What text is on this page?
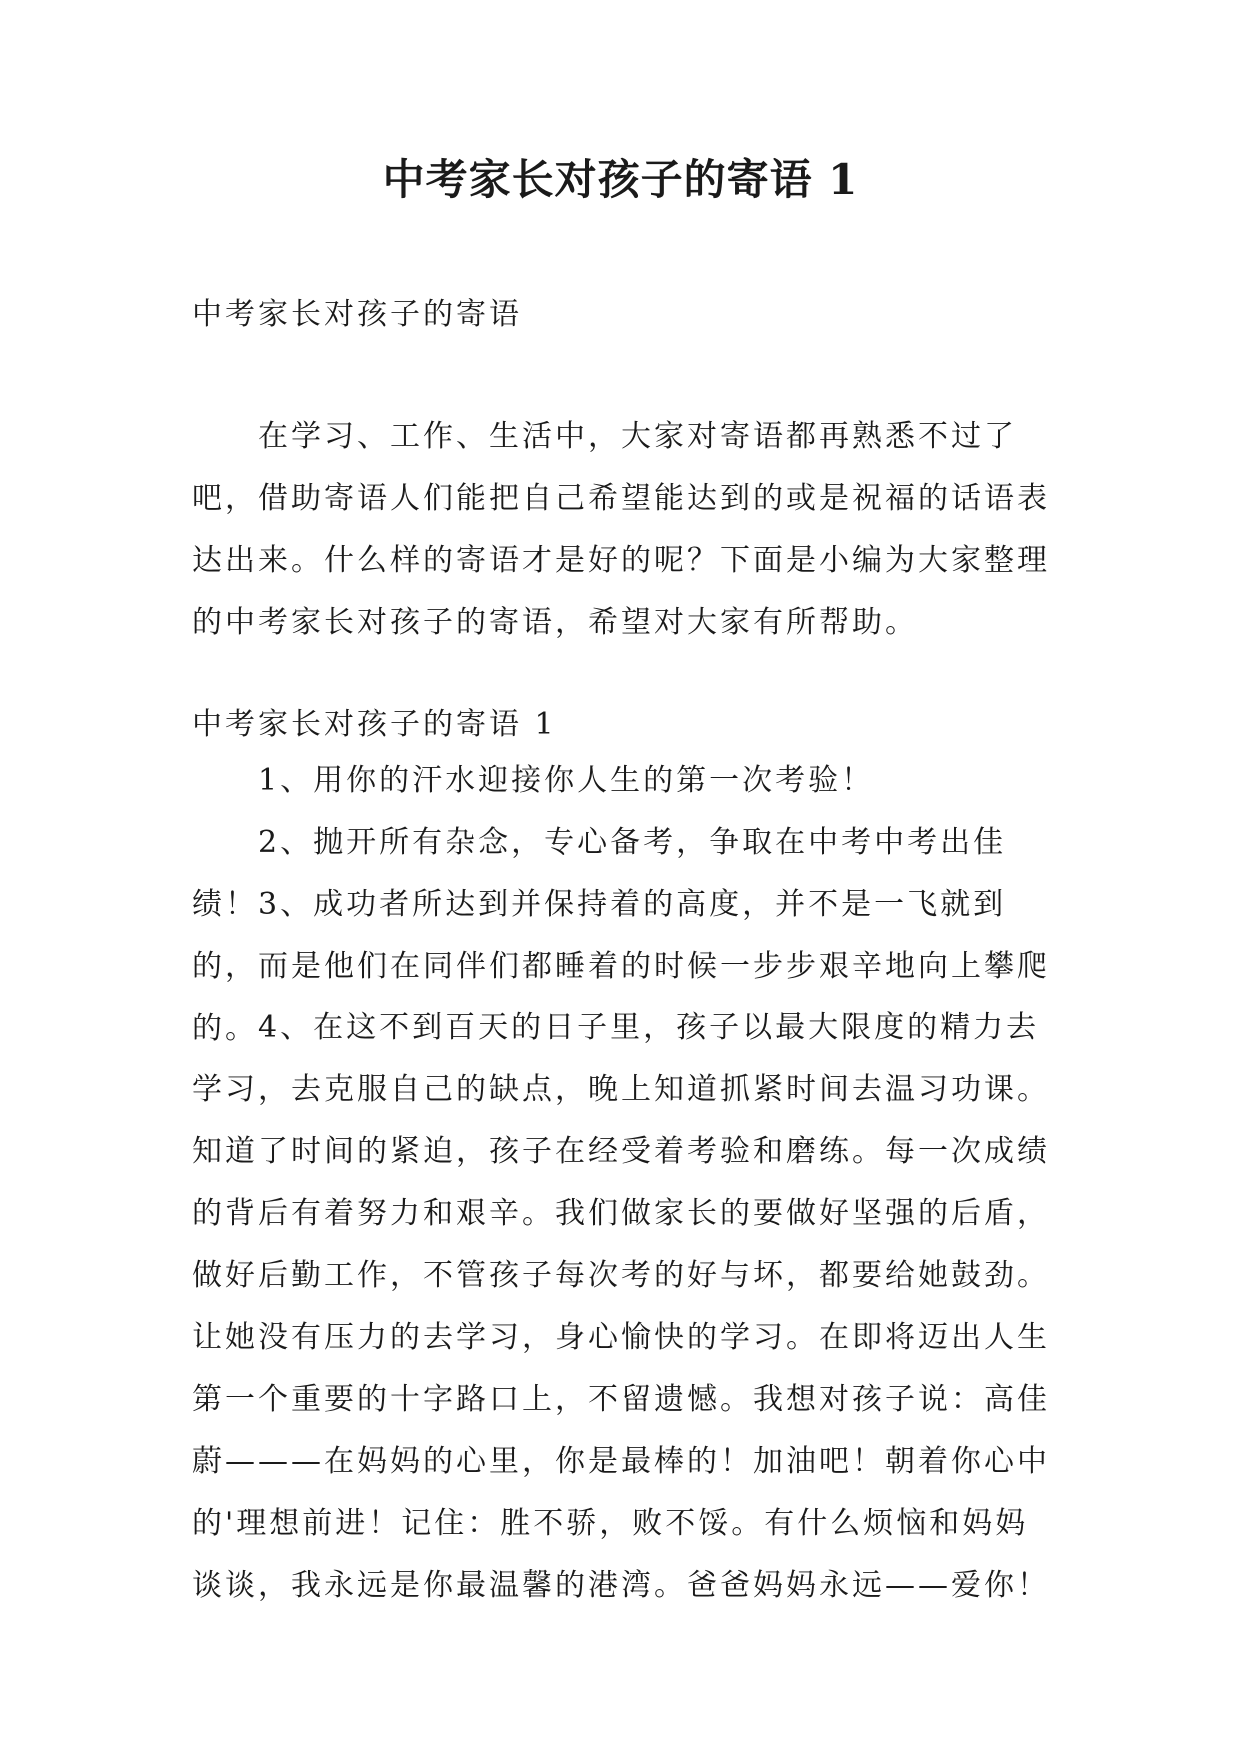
中考家长对孩子的寄语 1

中考家长对孩子的寄语

在学习、工作、生活中，大家对寄语都再熟悉不过了吧，借助寄语人们能把自己希望能达到的或是祝福的话语表达出来。什么样的寄语才是好的呢？下面是小编为大家整理的中考家长对孩子的寄语，希望对大家有所帮助。

中考家长对孩子的寄语 1

1、用你的汗水迎接你人生的第一次考验！

2、抛开所有杂念，专心备考，争取在中考中考出佳绩！ 3、成功者所达到并保持着的高度，并不是一飞就到的，而是他们在同伴们都睡着的时候一步步艰辛地向上攀爬的。 4、在这不到百天的日子里，孩子以最大限度的精力去学习，去克服自己的缺点，晚上知道抓紧时间去温习功课。知道了时间的紧迫，孩子在经受着考验和磨练。每一次成绩的背后有着努力和艰辛。我们做家长的要做好坚强的后盾，做好后勤工作，不管孩子每次考的好与坏，都要给她鼓劲。让她没有压力的去学习，身心愉快的学习。在即将迈出人生第一个重要的十字路口上，不留遗憾。我想对孩子说：高佳蔚———在妈妈的心里，你是最棒的！加油吧！朝着你心中的'理想前进！记住：胜不骄，败不馁。有什么烦恼和妈妈谈谈，我永远是你最温馨的港湾。爸爸妈妈永远——爱你！
